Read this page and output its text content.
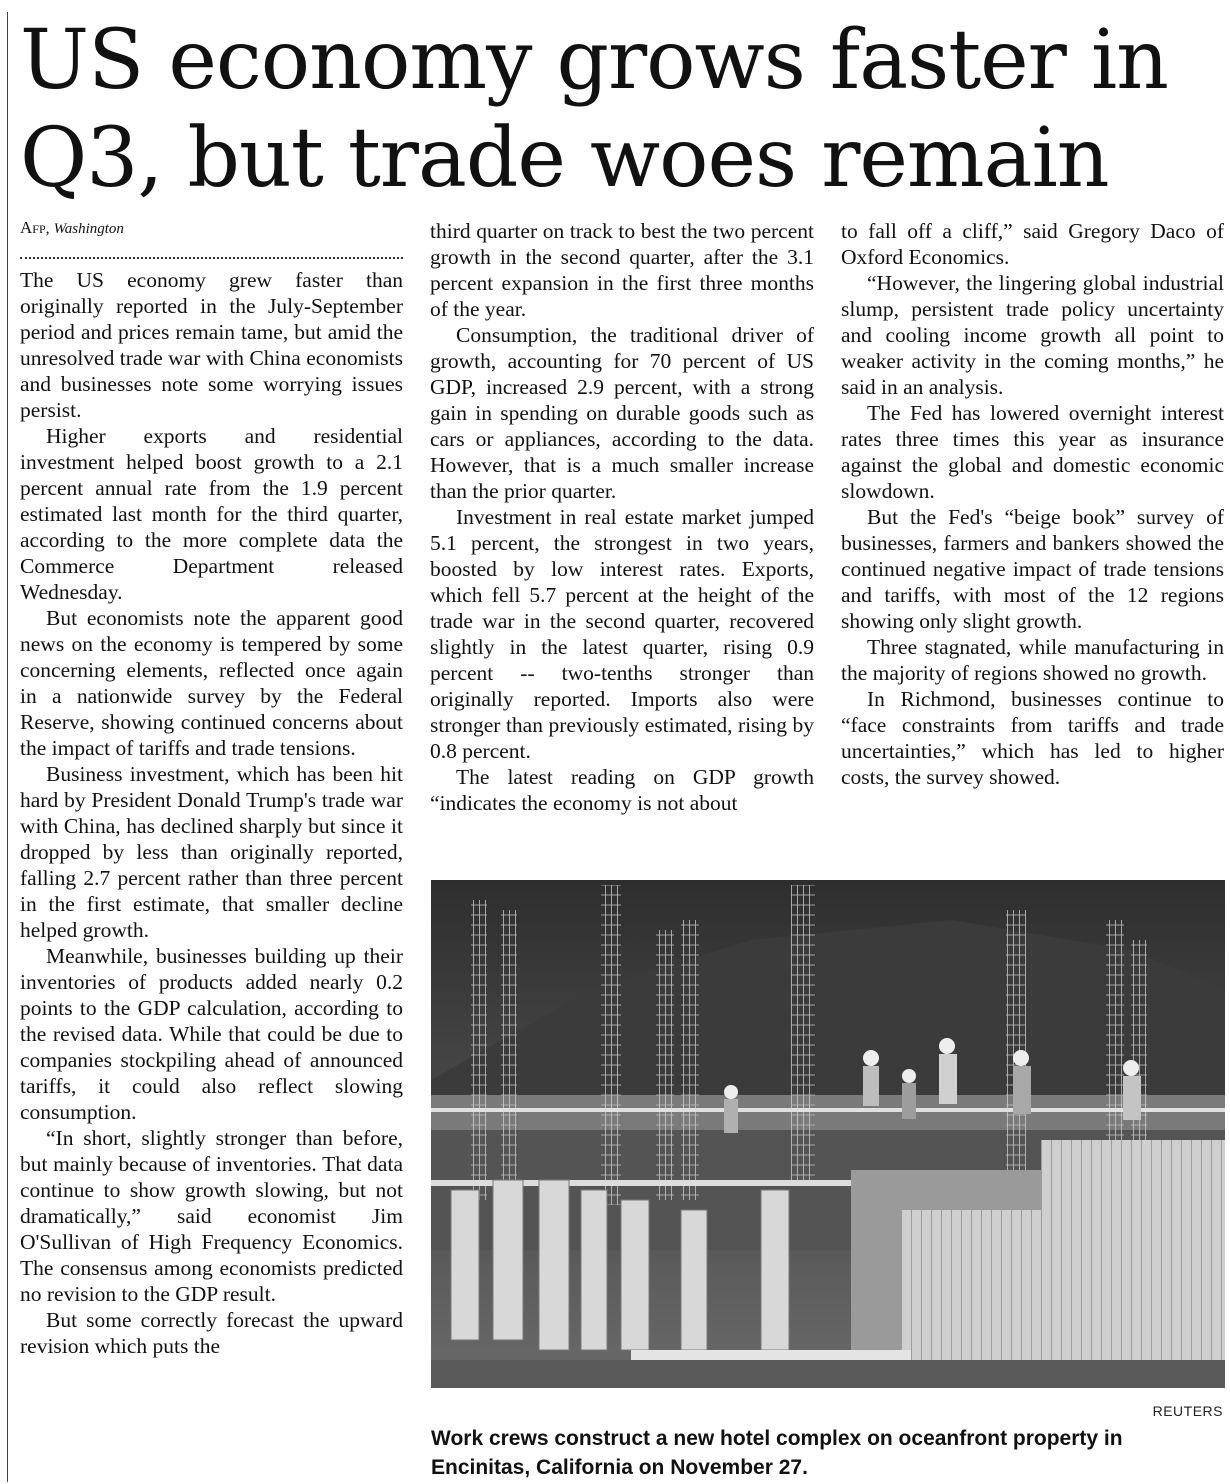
US economy grows faster in Q3, but trade woes remain
Afp, Washington

The US economy grew faster than originally reported in the July-September period and prices remain tame, but amid the unresolved trade war with China economists and businesses note some worrying issues persist.

Higher exports and residential investment helped boost growth to a 2.1 percent annual rate from the 1.9 percent estimated last month for the third quarter, according to the more complete data the Commerce Department released Wednesday.

But economists note the apparent good news on the economy is tempered by some concerning elements, reflected once again in a nationwide survey by the Federal Reserve, showing continued concerns about the impact of tariffs and trade tensions.

Business investment, which has been hit hard by President Donald Trump's trade war with China, has declined sharply but since it dropped by less than originally reported, falling 2.7 percent rather than three percent in the first estimate, that smaller decline helped growth.

Meanwhile, businesses building up their inventories of products added nearly 0.2 points to the GDP calculation, according to the revised data. While that could be due to companies stockpiling ahead of announced tariffs, it could also reflect slowing consumption.

“In short, slightly stronger than before, but mainly because of inventories. That data continue to show growth slowing, but not dramatically,” said economist Jim O'Sullivan of High Frequency Economics. The consensus among economists predicted no revision to the GDP result.

But some correctly forecast the upward revision which puts the

third quarter on track to best the two percent growth in the second quarter, after the 3.1 percent expansion in the first three months of the year.

Consumption, the traditional driver of growth, accounting for 70 percent of US GDP, increased 2.9 percent, with a strong gain in spending on durable goods such as cars or appliances, according to the data. However, that is a much smaller increase than the prior quarter.

Investment in real estate market jumped 5.1 percent, the strongest in two years, boosted by low interest rates. Exports, which fell 5.7 percent at the height of the trade war in the second quarter, recovered slightly in the latest quarter, rising 0.9 percent -- two-tenths stronger than originally reported. Imports also were stronger than previously estimated, rising by 0.8 percent.

The latest reading on GDP growth “indicates the economy is not about

to fall off a cliff,” said Gregory Daco of Oxford Economics.

“However, the lingering global industrial slump, persistent trade policy uncertainty and cooling income growth all point to weaker activity in the coming months,” he said in an analysis.

The Fed has lowered overnight interest rates three times this year as insurance against the global and domestic economic slowdown.

But the Fed's “beige book” survey of businesses, farmers and bankers showed the continued negative impact of trade tensions and tariffs, with most of the 12 regions showing only slight growth.

Three stagnated, while manufacturing in the majority of regions showed no growth.

In Richmond, businesses continue to “face constraints from tariffs and trade uncertainties,” which has led to higher costs, the survey showed.

REUTERS

Work crews construct a new hotel complex on oceanfront property in Encinitas, California on November 27.
